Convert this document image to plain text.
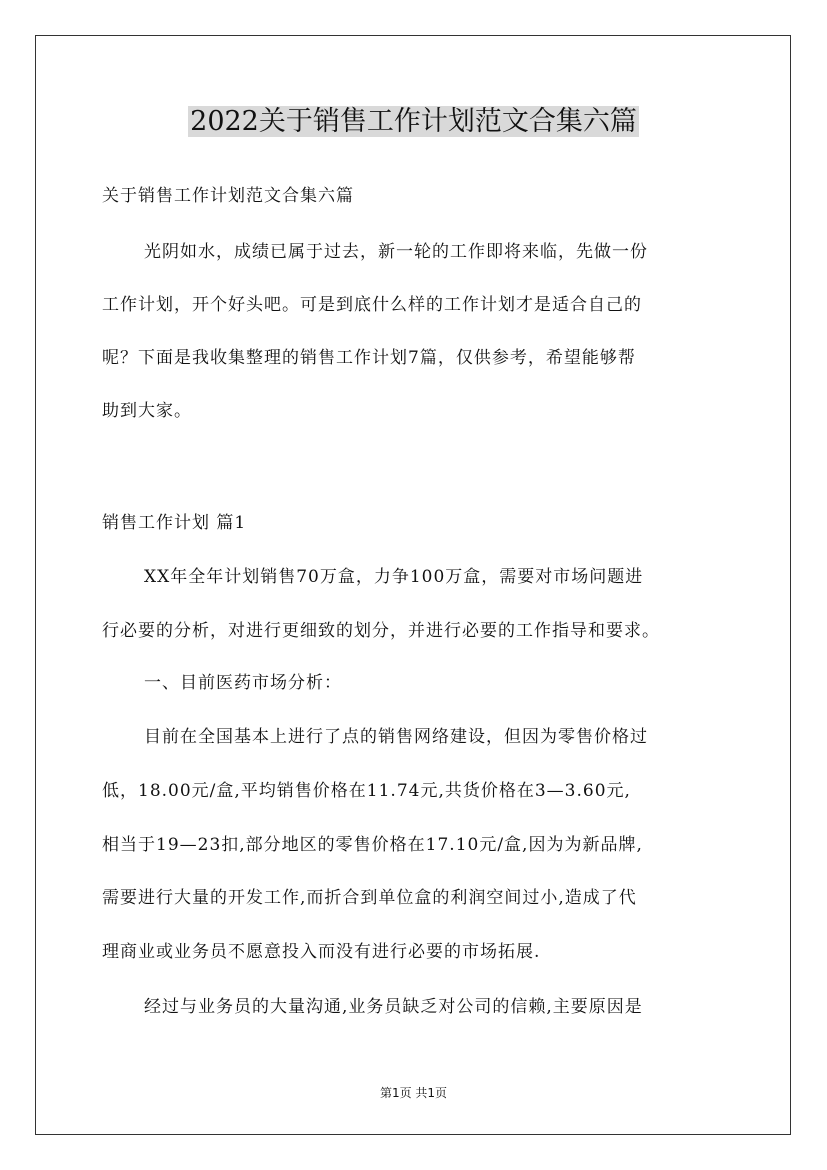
2022关于销售工作计划范文合集六篇
关于销售工作计划范文合集六篇
光阴如水，成绩已属于过去，新一轮的工作即将来临，先做一份
工作计划，开个好头吧。可是到底什么样的工作计划才是适合自己的
呢？下面是我收集整理的销售工作计划7篇，仅供参考，希望能够帮
助到大家。
销售工作计划 篇1
XX年全年计划销售70万盒，力争100万盒，需要对市场问题进
行必要的分析，对进行更细致的划分，并进行必要的工作指导和要求。
一、目前医药市场分析：
目前在全国基本上进行了点的销售网络建设，但因为零售价格过
低，18.00元/盒,平均销售价格在11.74元,共货价格在3—3.60元,
相当于19—23扣,部分地区的零售价格在17.10元/盒,因为为新品牌,
需要进行大量的开发工作,而折合到单位盒的利润空间过小,造成了代
理商业或业务员不愿意投入而没有进行必要的市场拓展.
经过与业务员的大量沟通,业务员缺乏对公司的信赖,主要原因是
第1页 共1页
